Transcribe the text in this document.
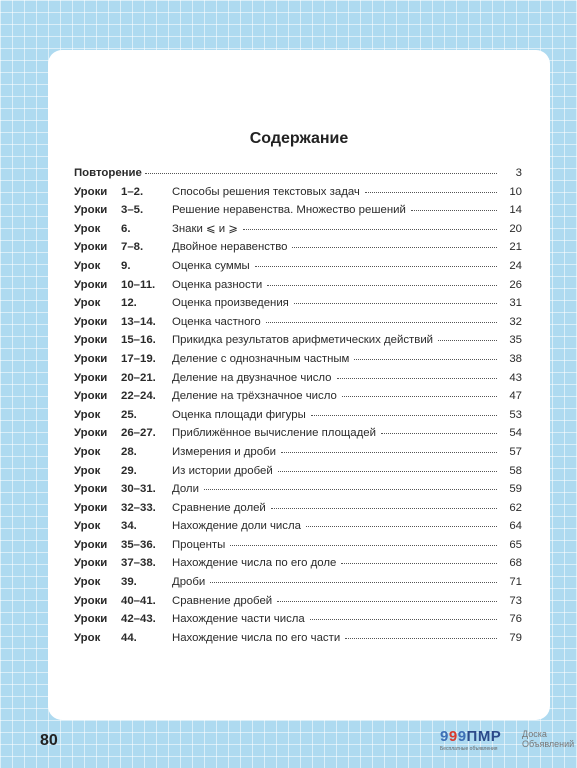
Содержание
Повторение	3
Уроки	1–2.	Способы решения текстовых задач	10
Уроки	3–5.	Решение неравенства. Множество решений	14
Урок	6.	Знаки ⩽ и ⩾	20
Уроки	7–8.	Двойное неравенство	21
Урок	9.	Оценка суммы	24
Уроки	10–11.	Оценка разности	26
Урок	12.	Оценка произведения	31
Уроки	13–14.	Оценка частного	32
Уроки	15–16.	Прикидка результатов арифметических действий	35
Уроки	17–19.	Деление с однозначным частным	38
Уроки	20–21.	Деление на двузначное число	43
Уроки	22–24.	Деление на трёхзначное число	47
Урок	25.	Оценка площади фигуры	53
Уроки	26–27.	Приближённое вычисление площадей	54
Урок	28.	Измерения и дроби	57
Урок	29.	Из истории дробей	58
Уроки	30–31.	Доли	59
Уроки	32–33.	Сравнение долей	62
Урок	34.	Нахождение доли числа	64
Уроки	35–36.	Проценты	65
Уроки	37–38.	Нахождение числа по его доле	68
Урок	39.	Дроби	71
Уроки	40–41.	Сравнение дробей	73
Уроки	42–43.	Нахождение части числа	76
Урок	44.	Нахождение числа по его части	79
80	999ПМР
Бесплатные объявления
Доска
Объявлений
